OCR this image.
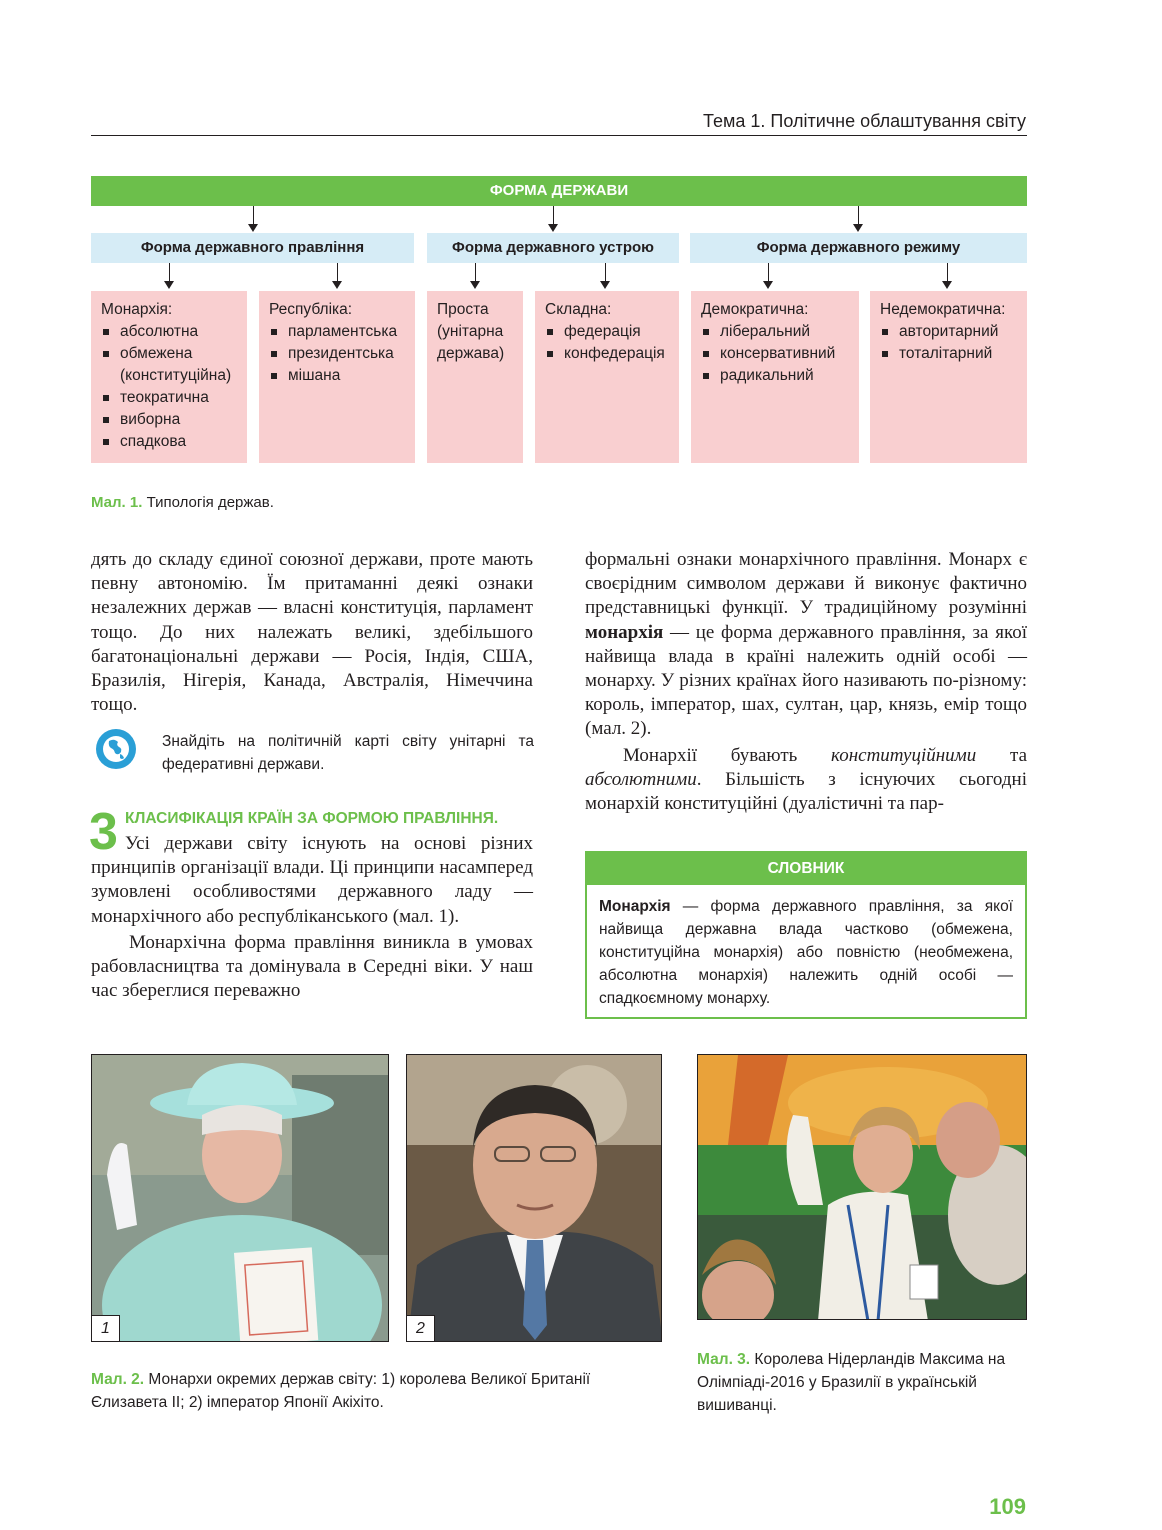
Тема 1. Політичне облаштування світу
ФОРМА ДЕРЖАВИ
Форма державного правління	Форма державного устрою	Форма державного режиму
Монархія:
абсолютна
обмежена (конституційна)
теократична
виборна
спадкова
Республіка:
парламентська
президентська
мішана
Проста (унітарна держава)
Складна:
федерація
конфедерація
Демократична:
ліберальний
консервативний
радикальний
Недемократична:
авторитарний
тоталітарний
Мал. 1. Типологія держав.

дять до складу єдиної союзної держави, проте мають певну автономію. Їм притаманні деякі ознаки незалежних держав — власні конституція, парламент тощо. До них належать великі, здебільшого багатонаціональні держави — Росія, Індія, США, Бразилія, Нігерія, Канада, Австралія, Німеччина тощо.

Знайдіть на політичній карті світу унітарні та федеративні держави.
3 КЛАСИФІКАЦІЯ КРАЇН ЗА ФОРМОЮ ПРАВЛІННЯ.

Усі держави світу існують на основі різних принципів організації влади. Ці принципи насамперед зумовлені особливостями державного ладу — монархічного або республіканського (мал. 1).

Монархічна форма правління виникла в умовах рабовласництва та домінувала в Середні віки. У наш час збереглися переважно

формальні ознаки монархічного правління. Монарх є своєрідним символом держави й виконує фактично представницькі функції. У традиційному розумінні монархія — це форма державного правління, за якої найвища влада в країні належить одній особі — монарху. У різних країнах його називають по-різному: король, імператор, шах, султан, цар, князь, емір тощо (мал. 2).

Монархії бувають конституційними та абсолютними. Більшість з існуючих сьогодні монархій конституційні (дуалістичні та пар-

СЛОВНИК
Монархія — форма державного правління, за якої найвища державна влада частково (обмежена, конституційна монархія) або повністю (необмежена, абсолютна монархія) належить одній особі — спадкоємному монарху.
1	2
Мал. 2. Монархи окремих держав світу: 1) королева Великої Британії Єлизавета II; 2) імператор Японії Акіхіто.
Мал. 3. Королева Нідерландів Максима на Олімпіаді-2016 у Бразилії в українській вишиванці.
109
